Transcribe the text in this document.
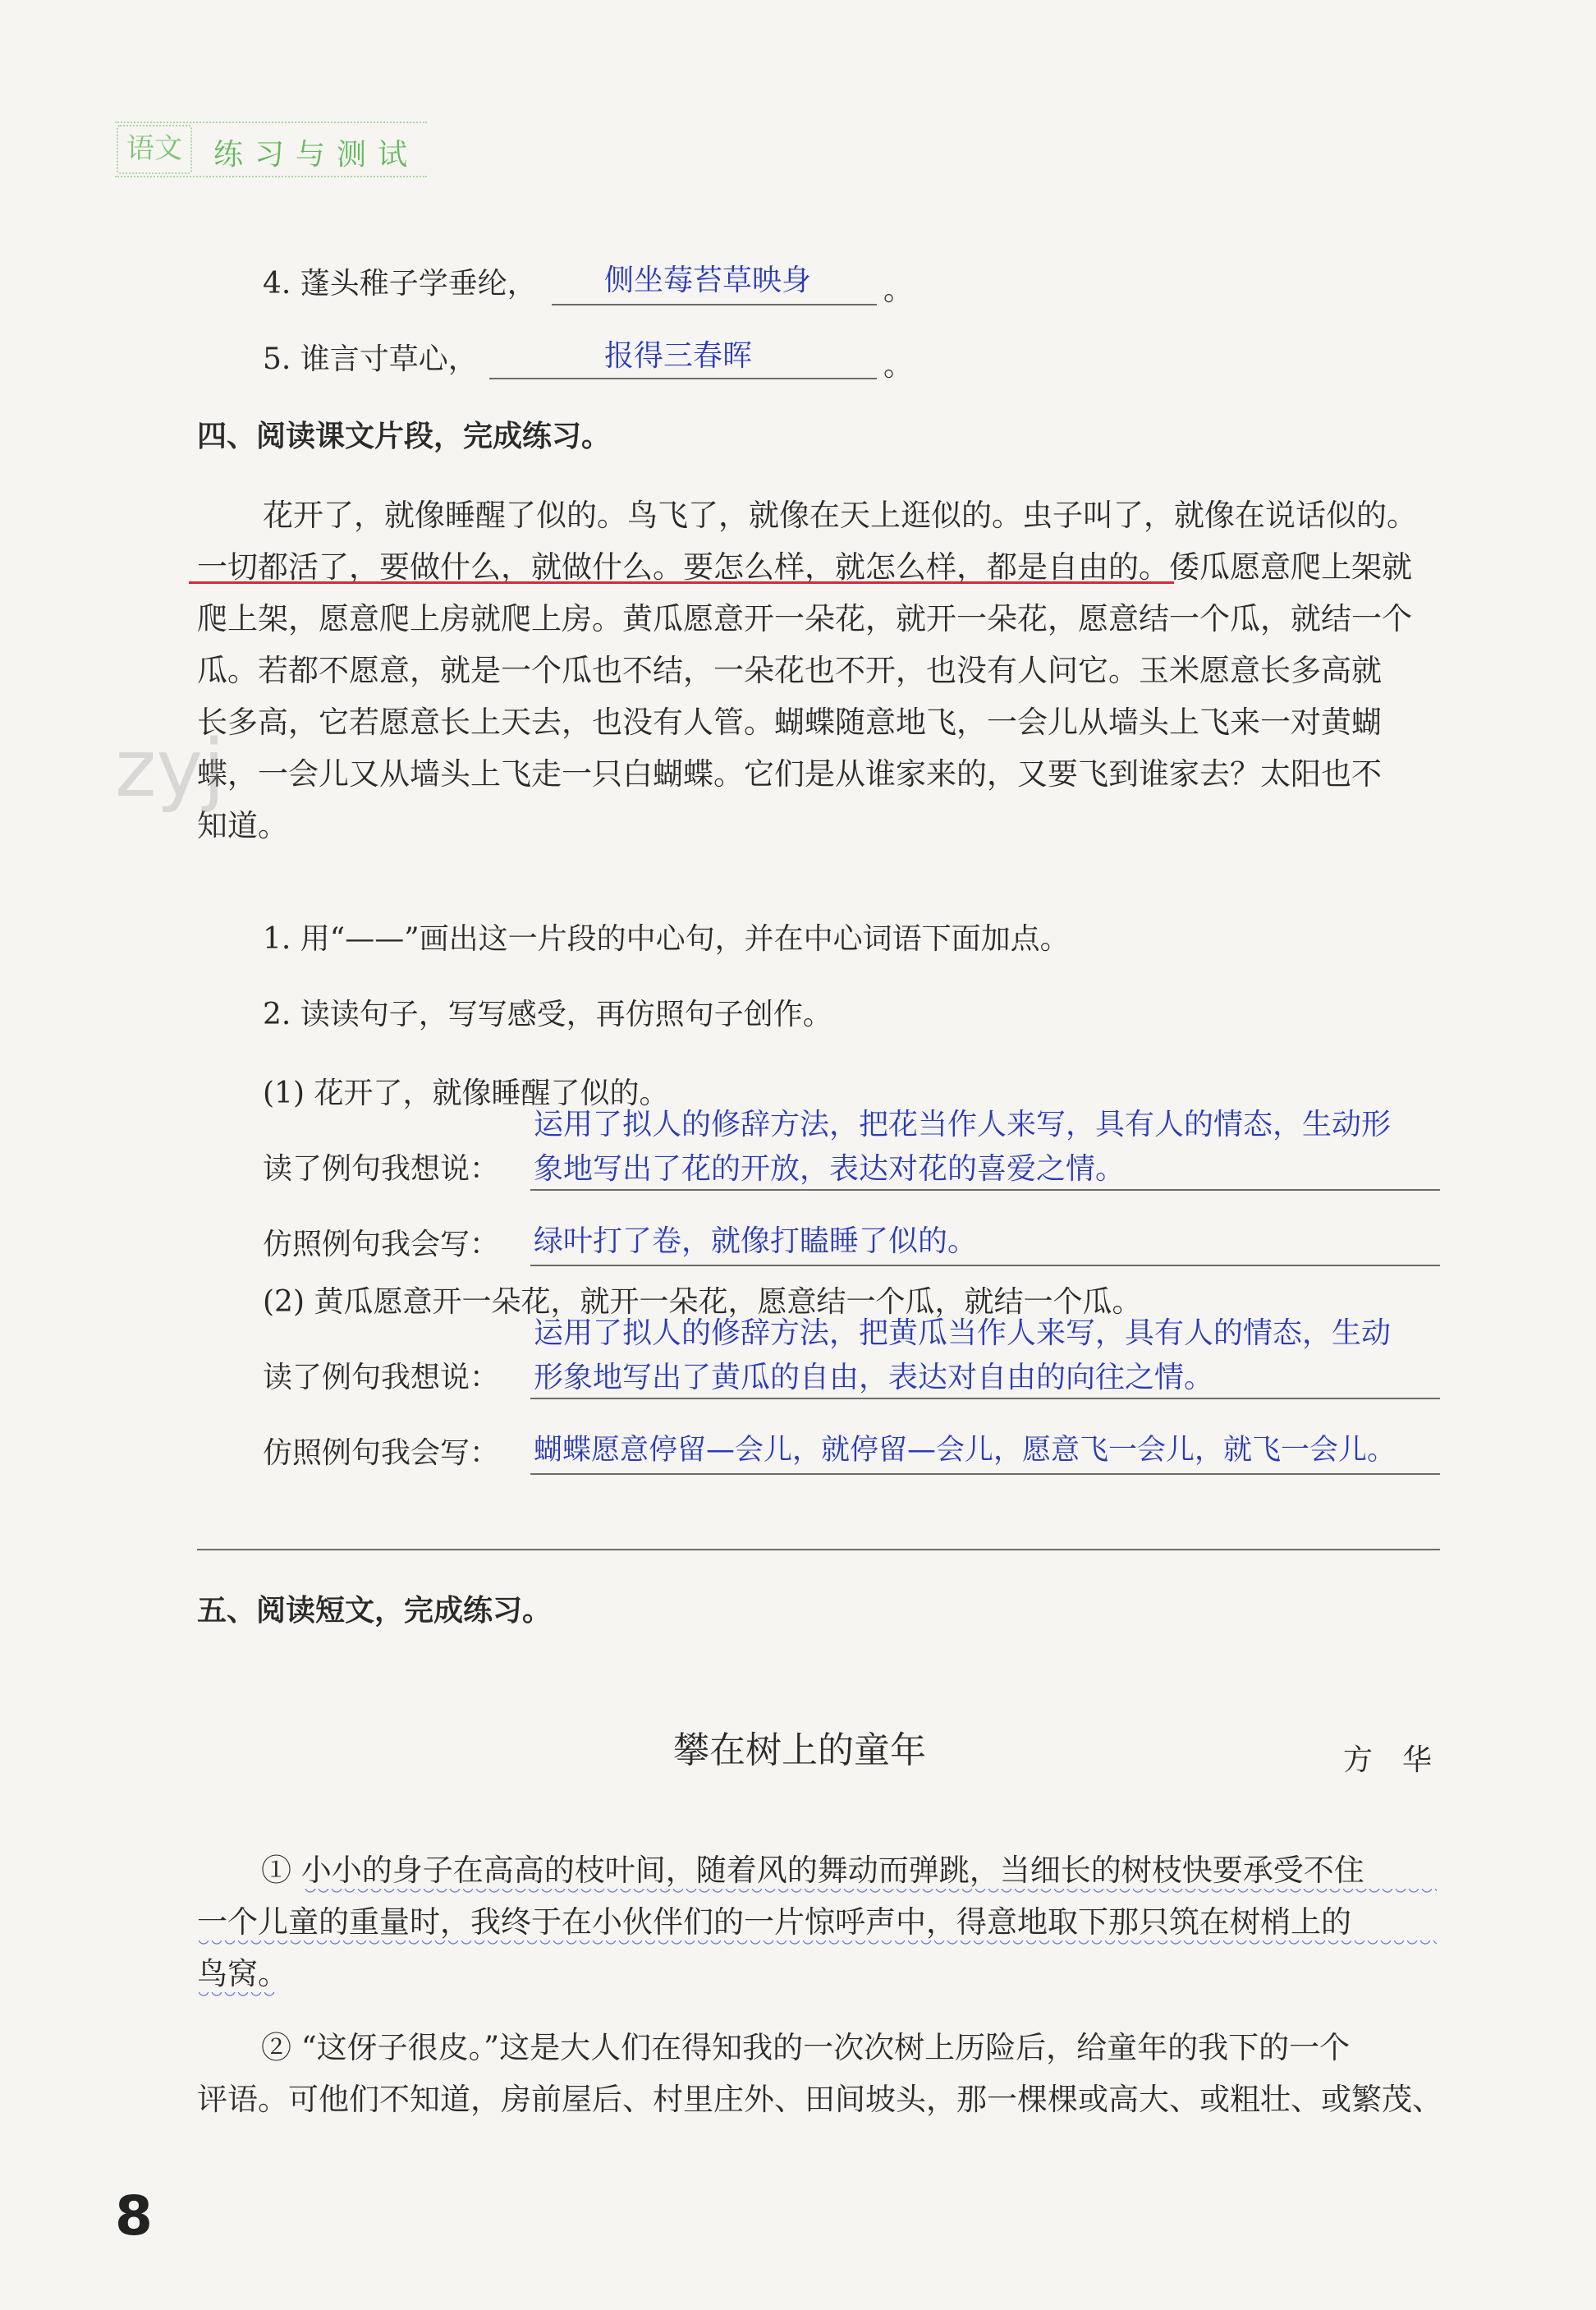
语文	练习与测试
4. 蓬头稚子学垂纶， 侧坐莓苔草映身 。
5. 谁言寸草心，	报得三春晖	。
四、阅读课文片段，完成练习。
花开了，就像睡醒了似的。鸟飞了，就像在天上逛似的。虫子叫了，就像在说话似的。
一切都活了，要做什么，就做什么。要怎么样，就怎么样，都是自由的。倭瓜愿意爬上架就
爬上架，愿意爬上房就爬上房。黄瓜愿意开一朵花，就开一朵花，愿意结一个瓜，就结一个
瓜。若都不愿意，就是一个瓜也不结，一朵花也不开，也没有人问它。玉米愿意长多高就
长多高，它若愿意长上天去，也没有人管。蝴蝶随意地飞，一会儿从墙头上飞来一对黄蝴
蝶，一会儿又从墙头上飞走一只白蝴蝶。它们是从谁家来的，又要飞到谁家去？太阳也不
知道。
zyj
1. 用“——”画出这一片段的中心句，并在中心词语下面加点。
2. 读读句子，写写感受，再仿照句子创作。
(1) 花开了，就像睡醒了似的。
运用了拟人的修辞方法，把花当作人来写，具有人的情态，生动形
读了例句我想说： 象地写出了花的开放，表达对花的喜爱之情。
仿照例句我会写： 绿叶打了卷，就像打瞌睡了似的。
(2) 黄瓜愿意开一朵花，就开一朵花，愿意结一个瓜，就结一个瓜。
运用了拟人的修辞方法，把黄瓜当作人来写，具有人的情态，生动
读了例句我想说： 形象地写出了黄瓜的自由，表达对自由的向往之情。
仿照例句我会写： 蝴蝶愿意停留—会儿，就停留—会儿，愿意飞一会儿，就飞一会儿。
五、阅读短文，完成练习。
攀在树上的童年	方　华
① 小小的身子在高高的枝叶间，随着风的舞动而弹跳，当细长的树枝快要承受不住
一个儿童的重量时，我终于在小伙伴们的一片惊呼声中，得意地取下那只筑在树梢上的
鸟窝。
② “这伢子很皮。”这是大人们在得知我的一次次树上历险后，给童年的我下的一个
评语。可他们不知道，房前屋后、村里庄外、田间坡头，那一棵棵或高大、或粗壮、或繁茂、
8
